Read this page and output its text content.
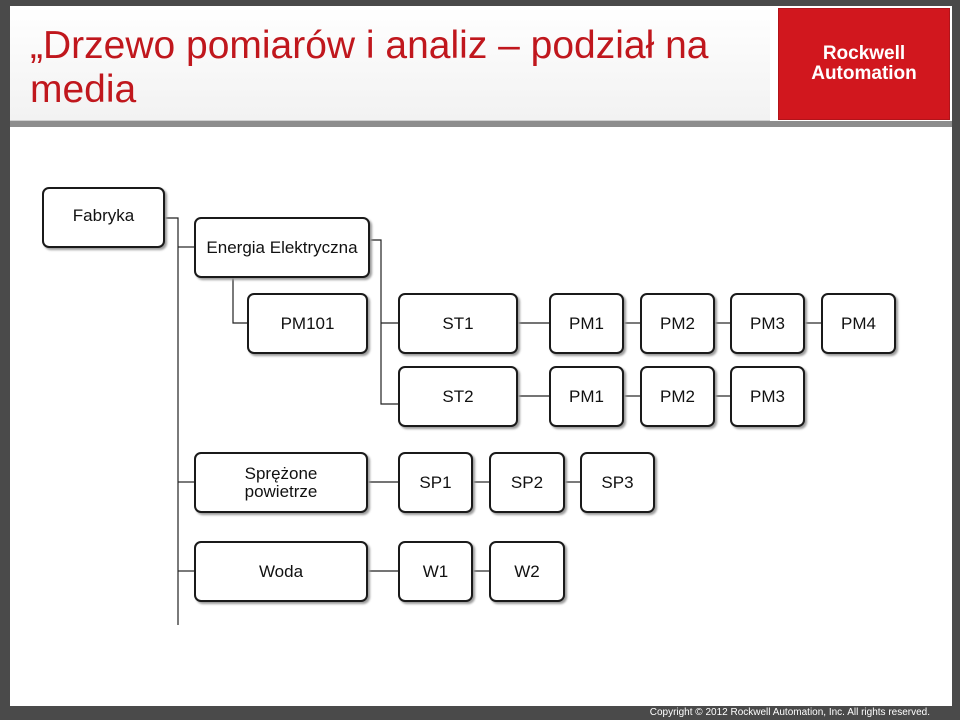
„Drzewo pomiarów i analiz – podział na media
Rockwell
Automation
Fabryka
Energia Elektryczna
PM101	ST1	PM1	PM2	PM3	PM4
ST2	PM1	PM2	PM3
Sprężone powietrze	SP1	SP2	SP3
Woda	W1	W2
Copyright © 2012 Rockwell Automation, Inc. All rights reserved.
